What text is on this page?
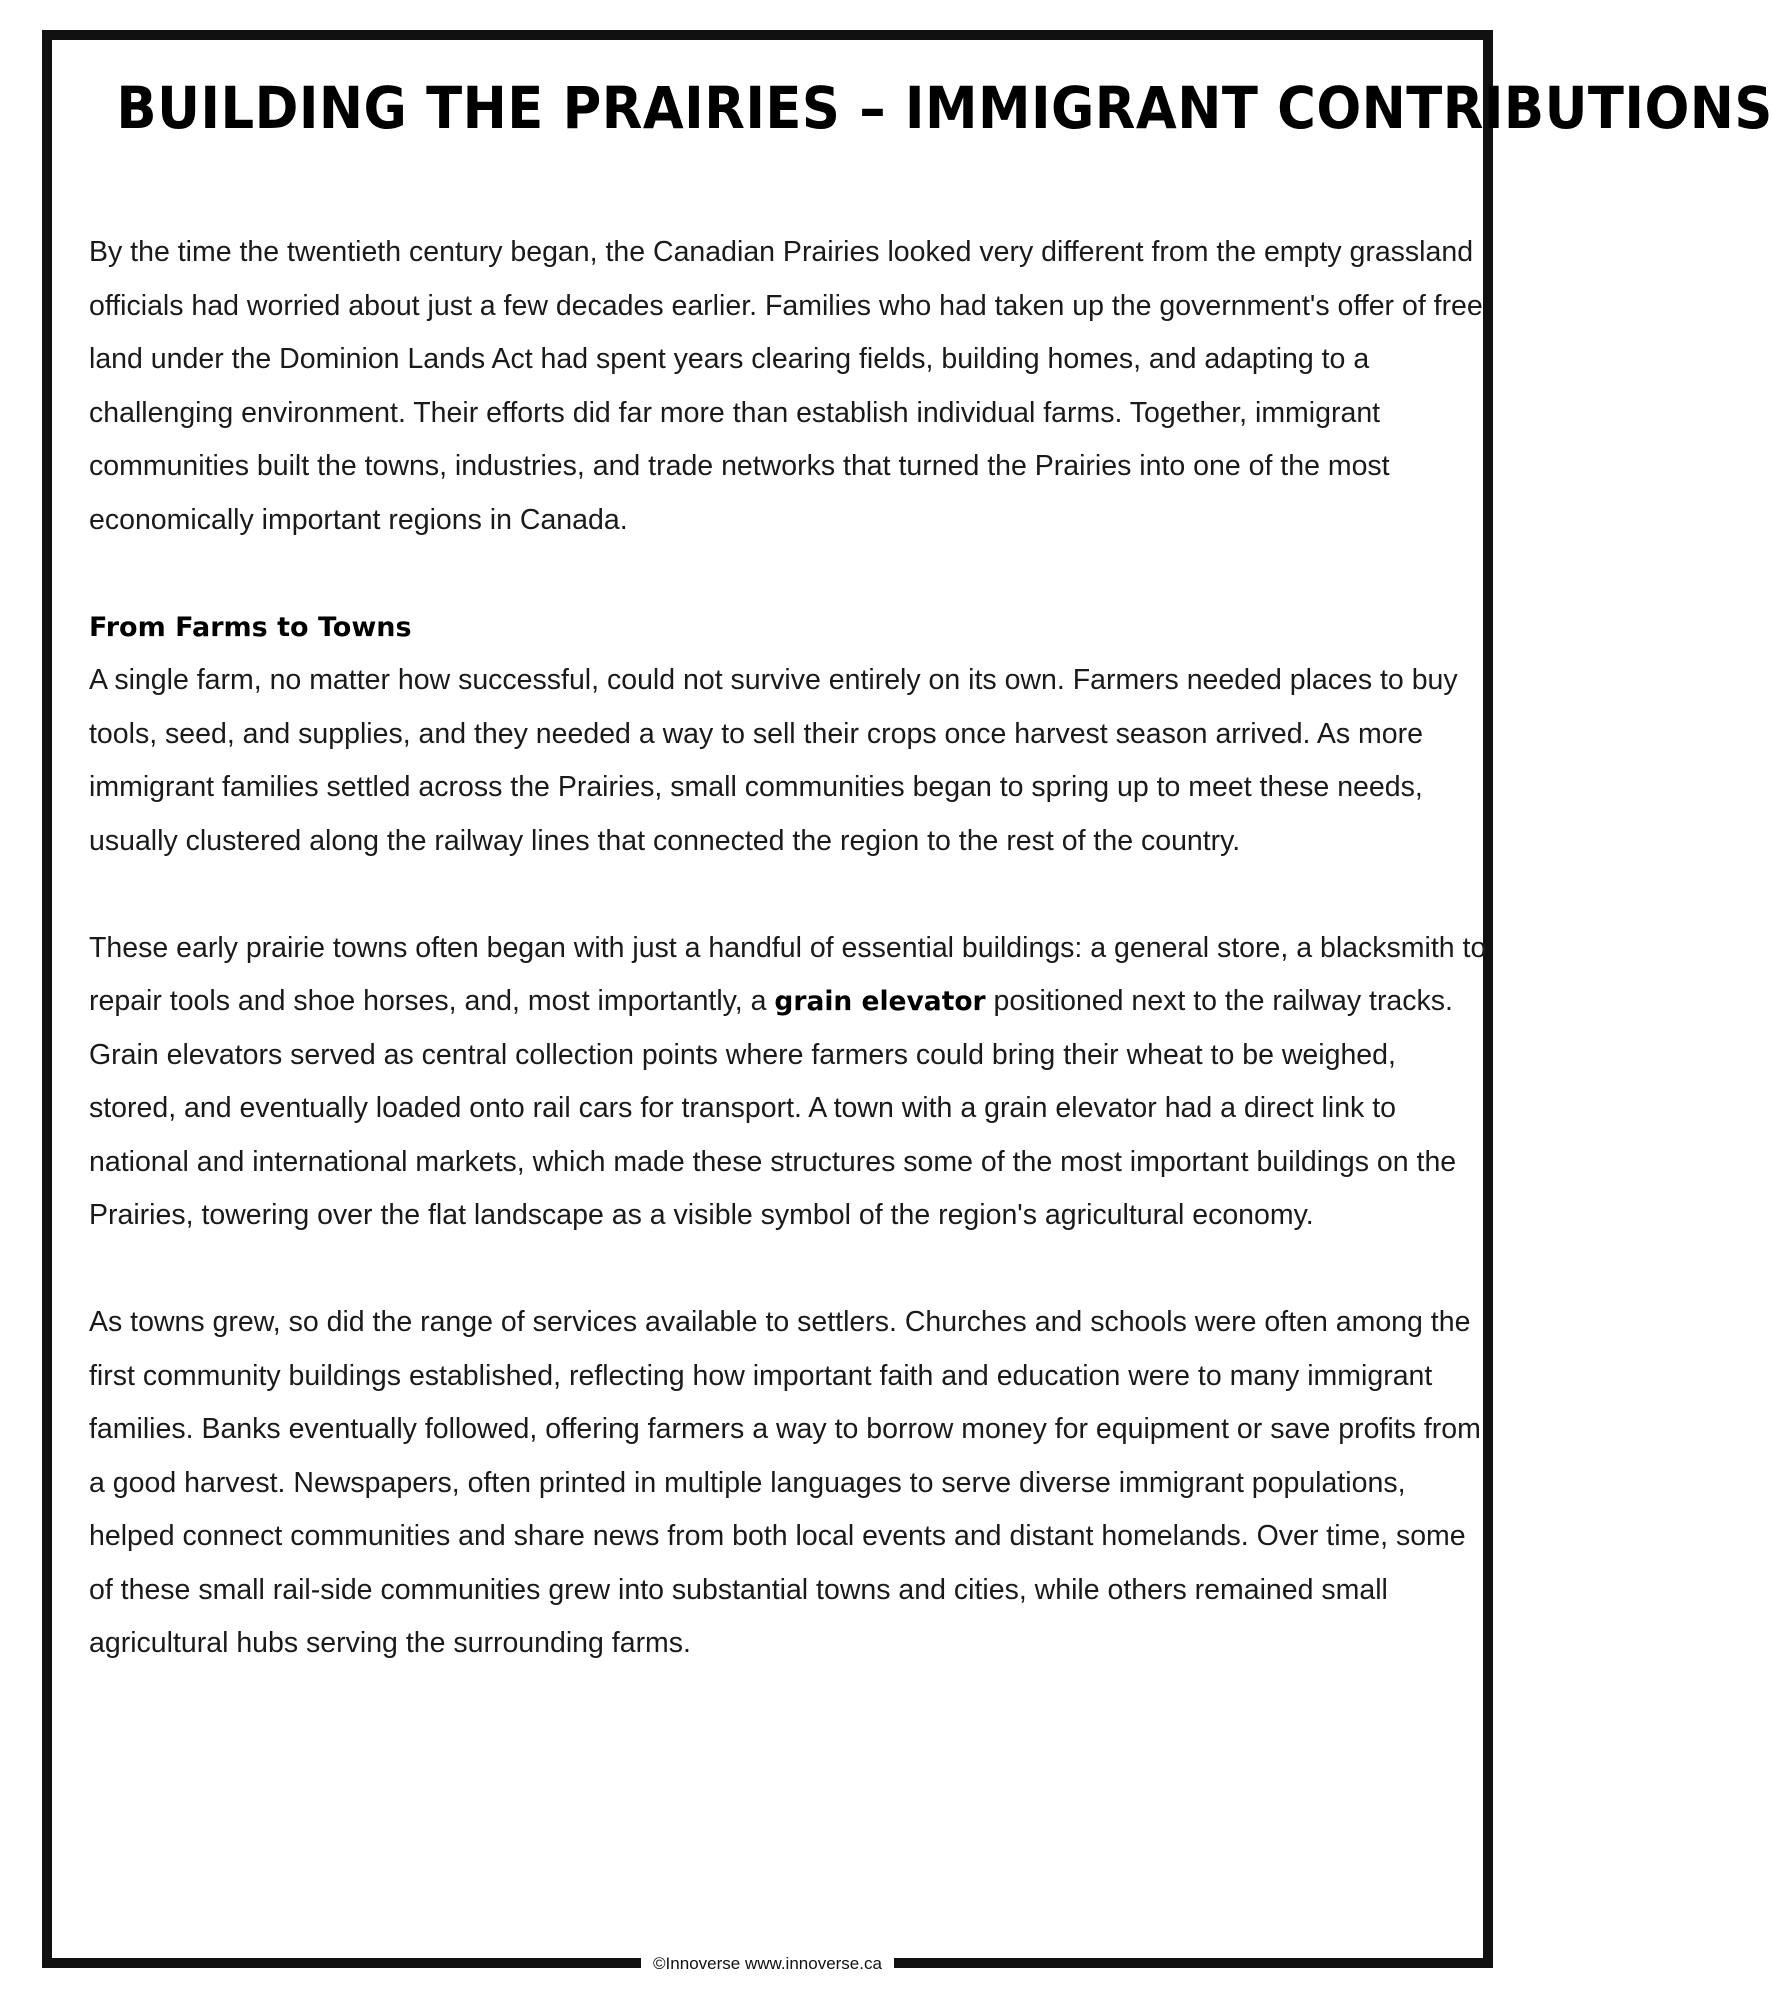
BUILDING THE PRAIRIES – IMMIGRANT CONTRIBUTIONS

By the time the twentieth century began, the Canadian Prairies looked very different from the empty grassland officials had worried about just a few decades earlier. Families who had taken up the government's offer of free land under the Dominion Lands Act had spent years clearing fields, building homes, and adapting to a challenging environment. Their efforts did far more than establish individual farms. Together, immigrant communities built the towns, industries, and trade networks that turned the Prairies into one of the most economically important regions in Canada.

From Farms to Towns

A single farm, no matter how successful, could not survive entirely on its own. Farmers needed places to buy tools, seed, and supplies, and they needed a way to sell their crops once harvest season arrived. As more immigrant families settled across the Prairies, small communities began to spring up to meet these needs, usually clustered along the railway lines that connected the region to the rest of the country.

These early prairie towns often began with just a handful of essential buildings: a general store, a blacksmith to repair tools and shoe horses, and, most importantly, a grain elevator positioned next to the railway tracks. Grain elevators served as central collection points where farmers could bring their wheat to be weighed, stored, and eventually loaded onto rail cars for transport. A town with a grain elevator had a direct link to national and international markets, which made these structures some of the most important buildings on the Prairies, towering over the flat landscape as a visible symbol of the region's agricultural economy.

As towns grew, so did the range of services available to settlers. Churches and schools were often among the first community buildings established, reflecting how important faith and education were to many immigrant families. Banks eventually followed, offering farmers a way to borrow money for equipment or save profits from a good harvest. Newspapers, often printed in multiple languages to serve diverse immigrant populations, helped connect communities and share news from both local events and distant homelands. Over time, some of these small rail-side communities grew into substantial towns and cities, while others remained small agricultural hubs serving the surrounding farms.

©Innoverse www.innoverse.ca
